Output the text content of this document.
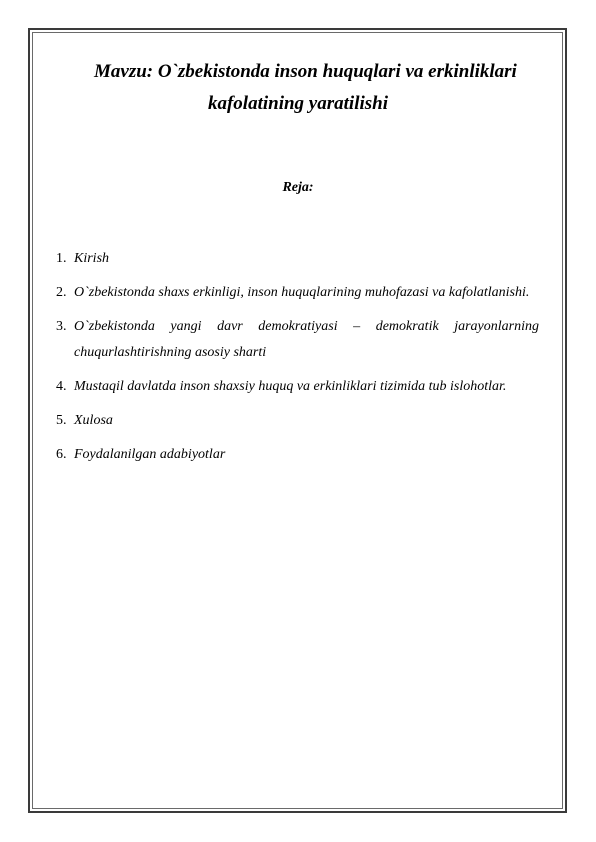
Mavzu: O`zbekistonda inson huquqlari va erkinliklari
kafolatining yaratilishi
Reja:
1. Kirish
2. O`zbekistonda shaxs erkinligi, inson huquqlarining muhofazasi va kafolatlanishi.
3. O`zbekistonda yangi davr demokratiyasi – demokratik jarayonlarning chuqurlashtirishning asosiy sharti
4. Mustaqil davlatda inson shaxsiy huquq va erkinliklari tizimida tub islohotlar.
5. Xulosa
6. Foydalanilgan adabiyotlar
